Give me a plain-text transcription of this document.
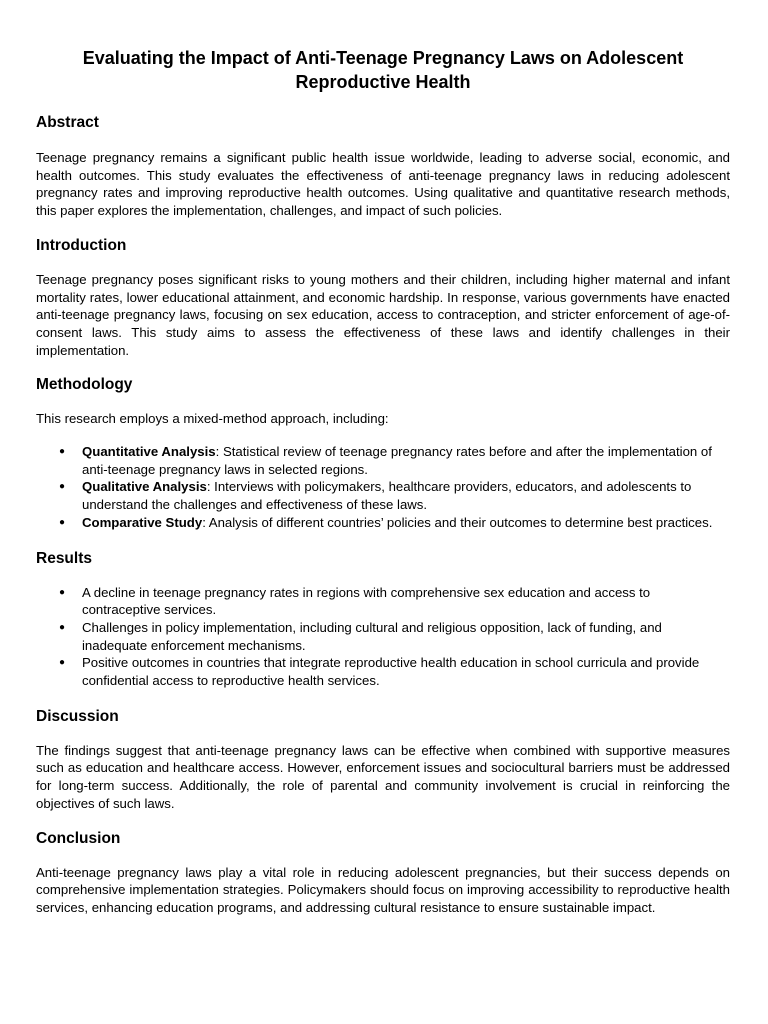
Evaluating the Impact of Anti-Teenage Pregnancy Laws on Adolescent Reproductive Health
Abstract

Teenage pregnancy remains a significant public health issue worldwide, leading to adverse social, economic, and health outcomes. This study evaluates the effectiveness of anti-teenage pregnancy laws in reducing adolescent pregnancy rates and improving reproductive health outcomes. Using qualitative and quantitative research methods, this paper explores the implementation, challenges, and impact of such policies.

Introduction

Teenage pregnancy poses significant risks to young mothers and their children, including higher maternal and infant mortality rates, lower educational attainment, and economic hardship. In response, various governments have enacted anti-teenage pregnancy laws, focusing on sex education, access to contraception, and stricter enforcement of age-of-consent laws. This study aims to assess the effectiveness of these laws and identify challenges in their implementation.

Methodology

This research employs a mixed-method approach, including:

● Quantitative Analysis: Statistical review of teenage pregnancy rates before and after the implementation of anti-teenage pregnancy laws in selected regions.
● Qualitative Analysis: Interviews with policymakers, healthcare providers, educators, and adolescents to understand the challenges and effectiveness of these laws.
● Comparative Study: Analysis of different countries’ policies and their outcomes to determine best practices.
Results
● A decline in teenage pregnancy rates in regions with comprehensive sex education and access to contraceptive services.
● Challenges in policy implementation, including cultural and religious opposition, lack of funding, and inadequate enforcement mechanisms.
● Positive outcomes in countries that integrate reproductive health education in school curricula and provide confidential access to reproductive health services.
Discussion

The findings suggest that anti-teenage pregnancy laws can be effective when combined with supportive measures such as education and healthcare access. However, enforcement issues and sociocultural barriers must be addressed for long-term success. Additionally, the role of parental and community involvement is crucial in reinforcing the objectives of such laws.

Conclusion

Anti-teenage pregnancy laws play a vital role in reducing adolescent pregnancies, but their success depends on comprehensive implementation strategies. Policymakers should focus on improving accessibility to reproductive health services, enhancing education programs, and addressing cultural resistance to ensure sustainable impact.
